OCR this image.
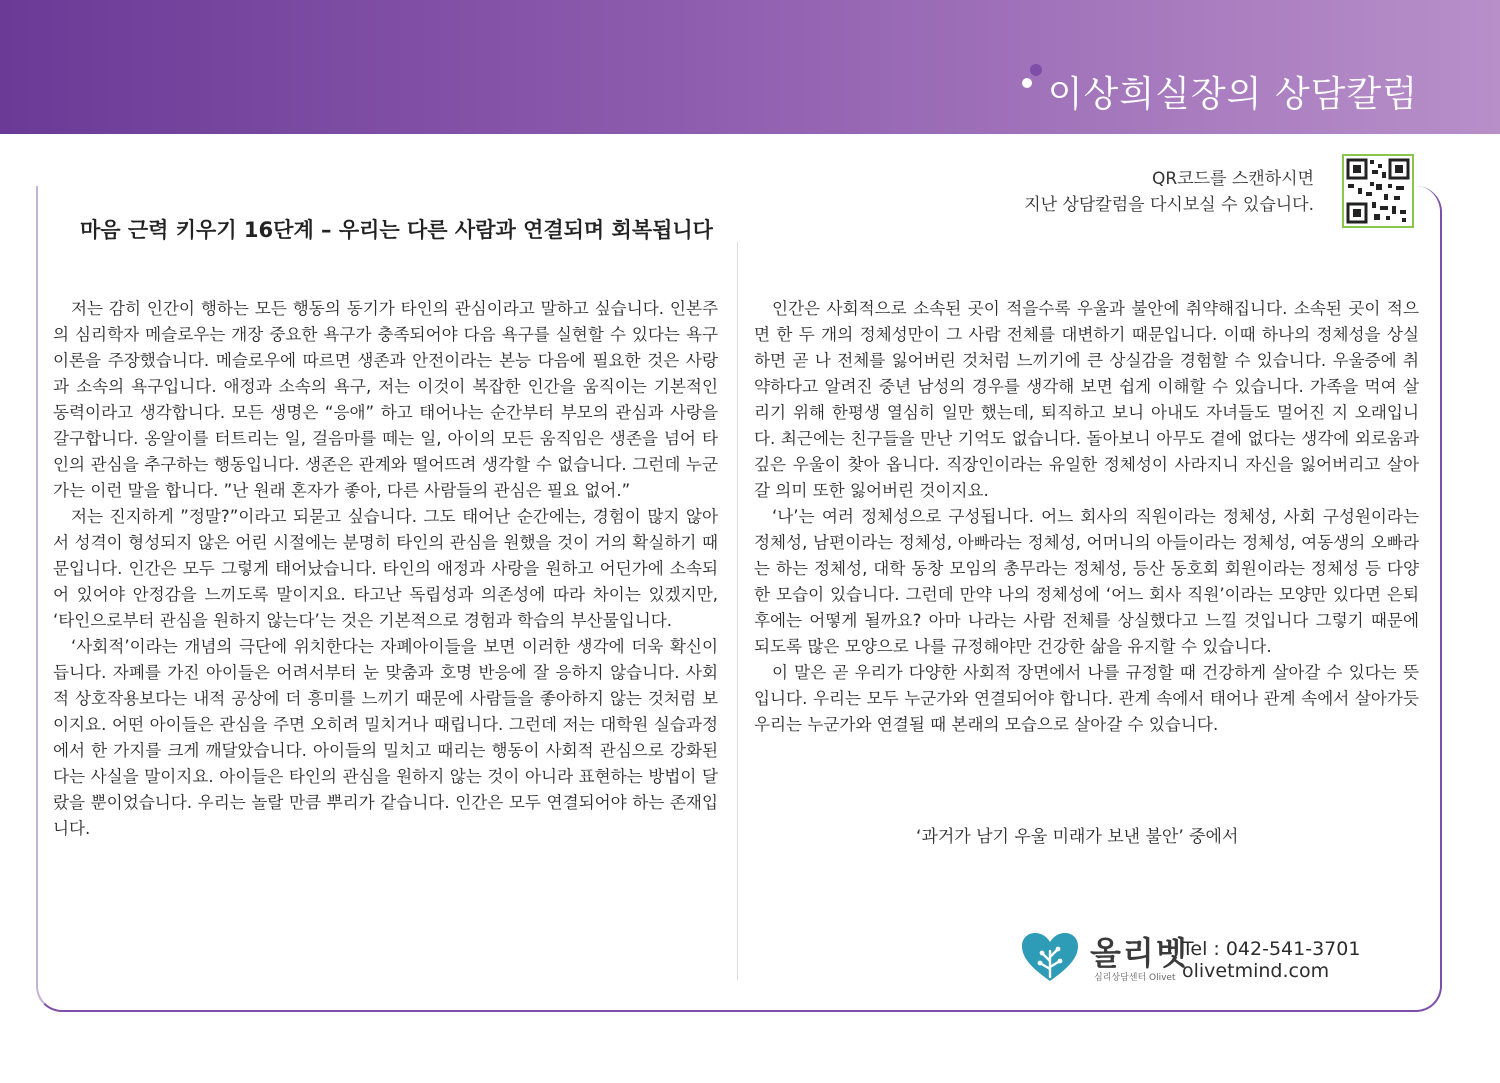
이상희실장의 상담칼럼
QR코드를 스캔하시면
지난 상담칼럼을 다시보실 수 있습니다.
마음 근력 키우기 16단계 – 우리는 다른 사람과 연결되며 회복됩니다

저는 감히 인간이 행하는 모든 행동의 동기가 타인의 관심이라고 말하고 싶습니다. 인본주의 심리학자 메슬로우는 개장 중요한 욕구가 충족되어야 다음 욕구를 실현할 수 있다는 욕구 이론을 주장했습니다. 메슬로우에 따르면 생존과 안전이라는 본능 다음에 필요한 것은 사랑과 소속의 욕구입니다. 애정과 소속의 욕구, 저는 이것이 복잡한 인간을 움직이는 기본적인 동력이라고 생각합니다. 모든 생명은 “응애” 하고 태어나는 순간부터 부모의 관심과 사랑을 갈구합니다. 옹알이를 터트리는 일, 걸음마를 떼는 일, 아이의 모든 움직임은 생존을 넘어 타인의 관심을 추구하는 행동입니다. 생존은 관계와 떨어뜨려 생각할 수 없습니다. 그런데 누군가는 이런 말을 합니다. ”난 원래 혼자가 좋아, 다른 사람들의 관심은 필요 없어.”

저는 진지하게 ”정말?”이라고 되묻고 싶습니다. 그도 태어난 순간에는, 경험이 많지 않아서 성격이 형성되지 않은 어린 시절에는 분명히 타인의 관심을 원했을 것이 거의 확실하기 때문입니다. 인간은 모두 그렇게 태어났습니다. 타인의 애정과 사랑을 원하고 어딘가에 소속되어 있어야 안정감을 느끼도록 말이지요. 타고난 독립성과 의존성에 따라 차이는 있겠지만, ‘타인으로부터 관심을 원하지 않는다’는 것은 기본적으로 경험과 학습의 부산물입니다.

‘사회적’이라는 개념의 극단에 위치한다는 자폐아이들을 보면 이러한 생각에 더욱 확신이 듭니다. 자폐를 가진 아이들은 어려서부터 눈 맞춤과 호명 반응에 잘 응하지 않습니다. 사회적 상호작용보다는 내적 공상에 더 흥미를 느끼기 때문에 사람들을 좋아하지 않는 것처럼 보이지요. 어떤 아이들은 관심을 주면 오히려 밀치거나 때립니다. 그런데 저는 대학원 실습과정에서 한 가지를 크게 깨달았습니다. 아이들의 밀치고 때리는 행동이 사회적 관심으로 강화된다는 사실을 말이지요. 아이들은 타인의 관심을 원하지 않는 것이 아니라 표현하는 방법이 달랐을 뿐이었습니다. 우리는 놀랄 만큼 뿌리가 같습니다. 인간은 모두 연결되어야 하는 존재입니다.

인간은 사회적으로 소속된 곳이 적을수록 우울과 불안에 취약해집니다. 소속된 곳이 적으면 한 두 개의 정체성만이 그 사람 전체를 대변하기 때문입니다. 이때 하나의 정체성을 상실하면 곧 나 전체를 잃어버린 것처럼 느끼기에 큰 상실감을 경험할 수 있습니다. 우울증에 취약하다고 알려진 중년 남성의 경우를 생각해 보면 쉽게 이해할 수 있습니다. 가족을 먹여 살리기 위해 한평생 열심히 일만 했는데, 퇴직하고 보니 아내도 자녀들도 멀어진 지 오래입니다. 최근에는 친구들을 만난 기억도 없습니다. 돌아보니 아무도 곁에 없다는 생각에 외로움과 깊은 우울이 찾아 옵니다. 직장인이라는 유일한 정체성이 사라지니 자신을 잃어버리고 살아갈 의미 또한 잃어버린 것이지요.

‘나’는 여러 정체성으로 구성됩니다. 어느 회사의 직원이라는 정체성, 사회 구성원이라는 정체성, 남편이라는 정체성, 아빠라는 정체성, 어머니의 아들이라는 정체성, 여동생의 오빠라는 하는 정체성, 대학 동창 모임의 총무라는 정체성, 등산 동호회 회원이라는 정체성 등 다양한 모습이 있습니다. 그런데 만약 나의 정체성에 ‘어느 회사 직원’이라는 모양만 있다면 은퇴 후에는 어떻게 될까요? 아마 나라는 사람 전체를 상실했다고 느낄 것입니다 그렇기 때문에 되도록 많은 모양으로 나를 규정해야만 건강한 삶을 유지할 수 있습니다.

이 말은 곧 우리가 다양한 사회적 장면에서 나를 규정할 때 건강하게 살아갈 수 있다는 뜻입니다. 우리는 모두 누군가와 연결되어야 합니다. 관계 속에서 태어나 관계 속에서 살아가듯 우리는 누군가와 연결될 때 본래의 모습으로 살아갈 수 있습니다.

‘과거가 남기 우울 미래가 보낸 불안’ 중에서
올리벳
심리상담센터 Olivet
Tel : 042-541-3701
olivetmind.com
